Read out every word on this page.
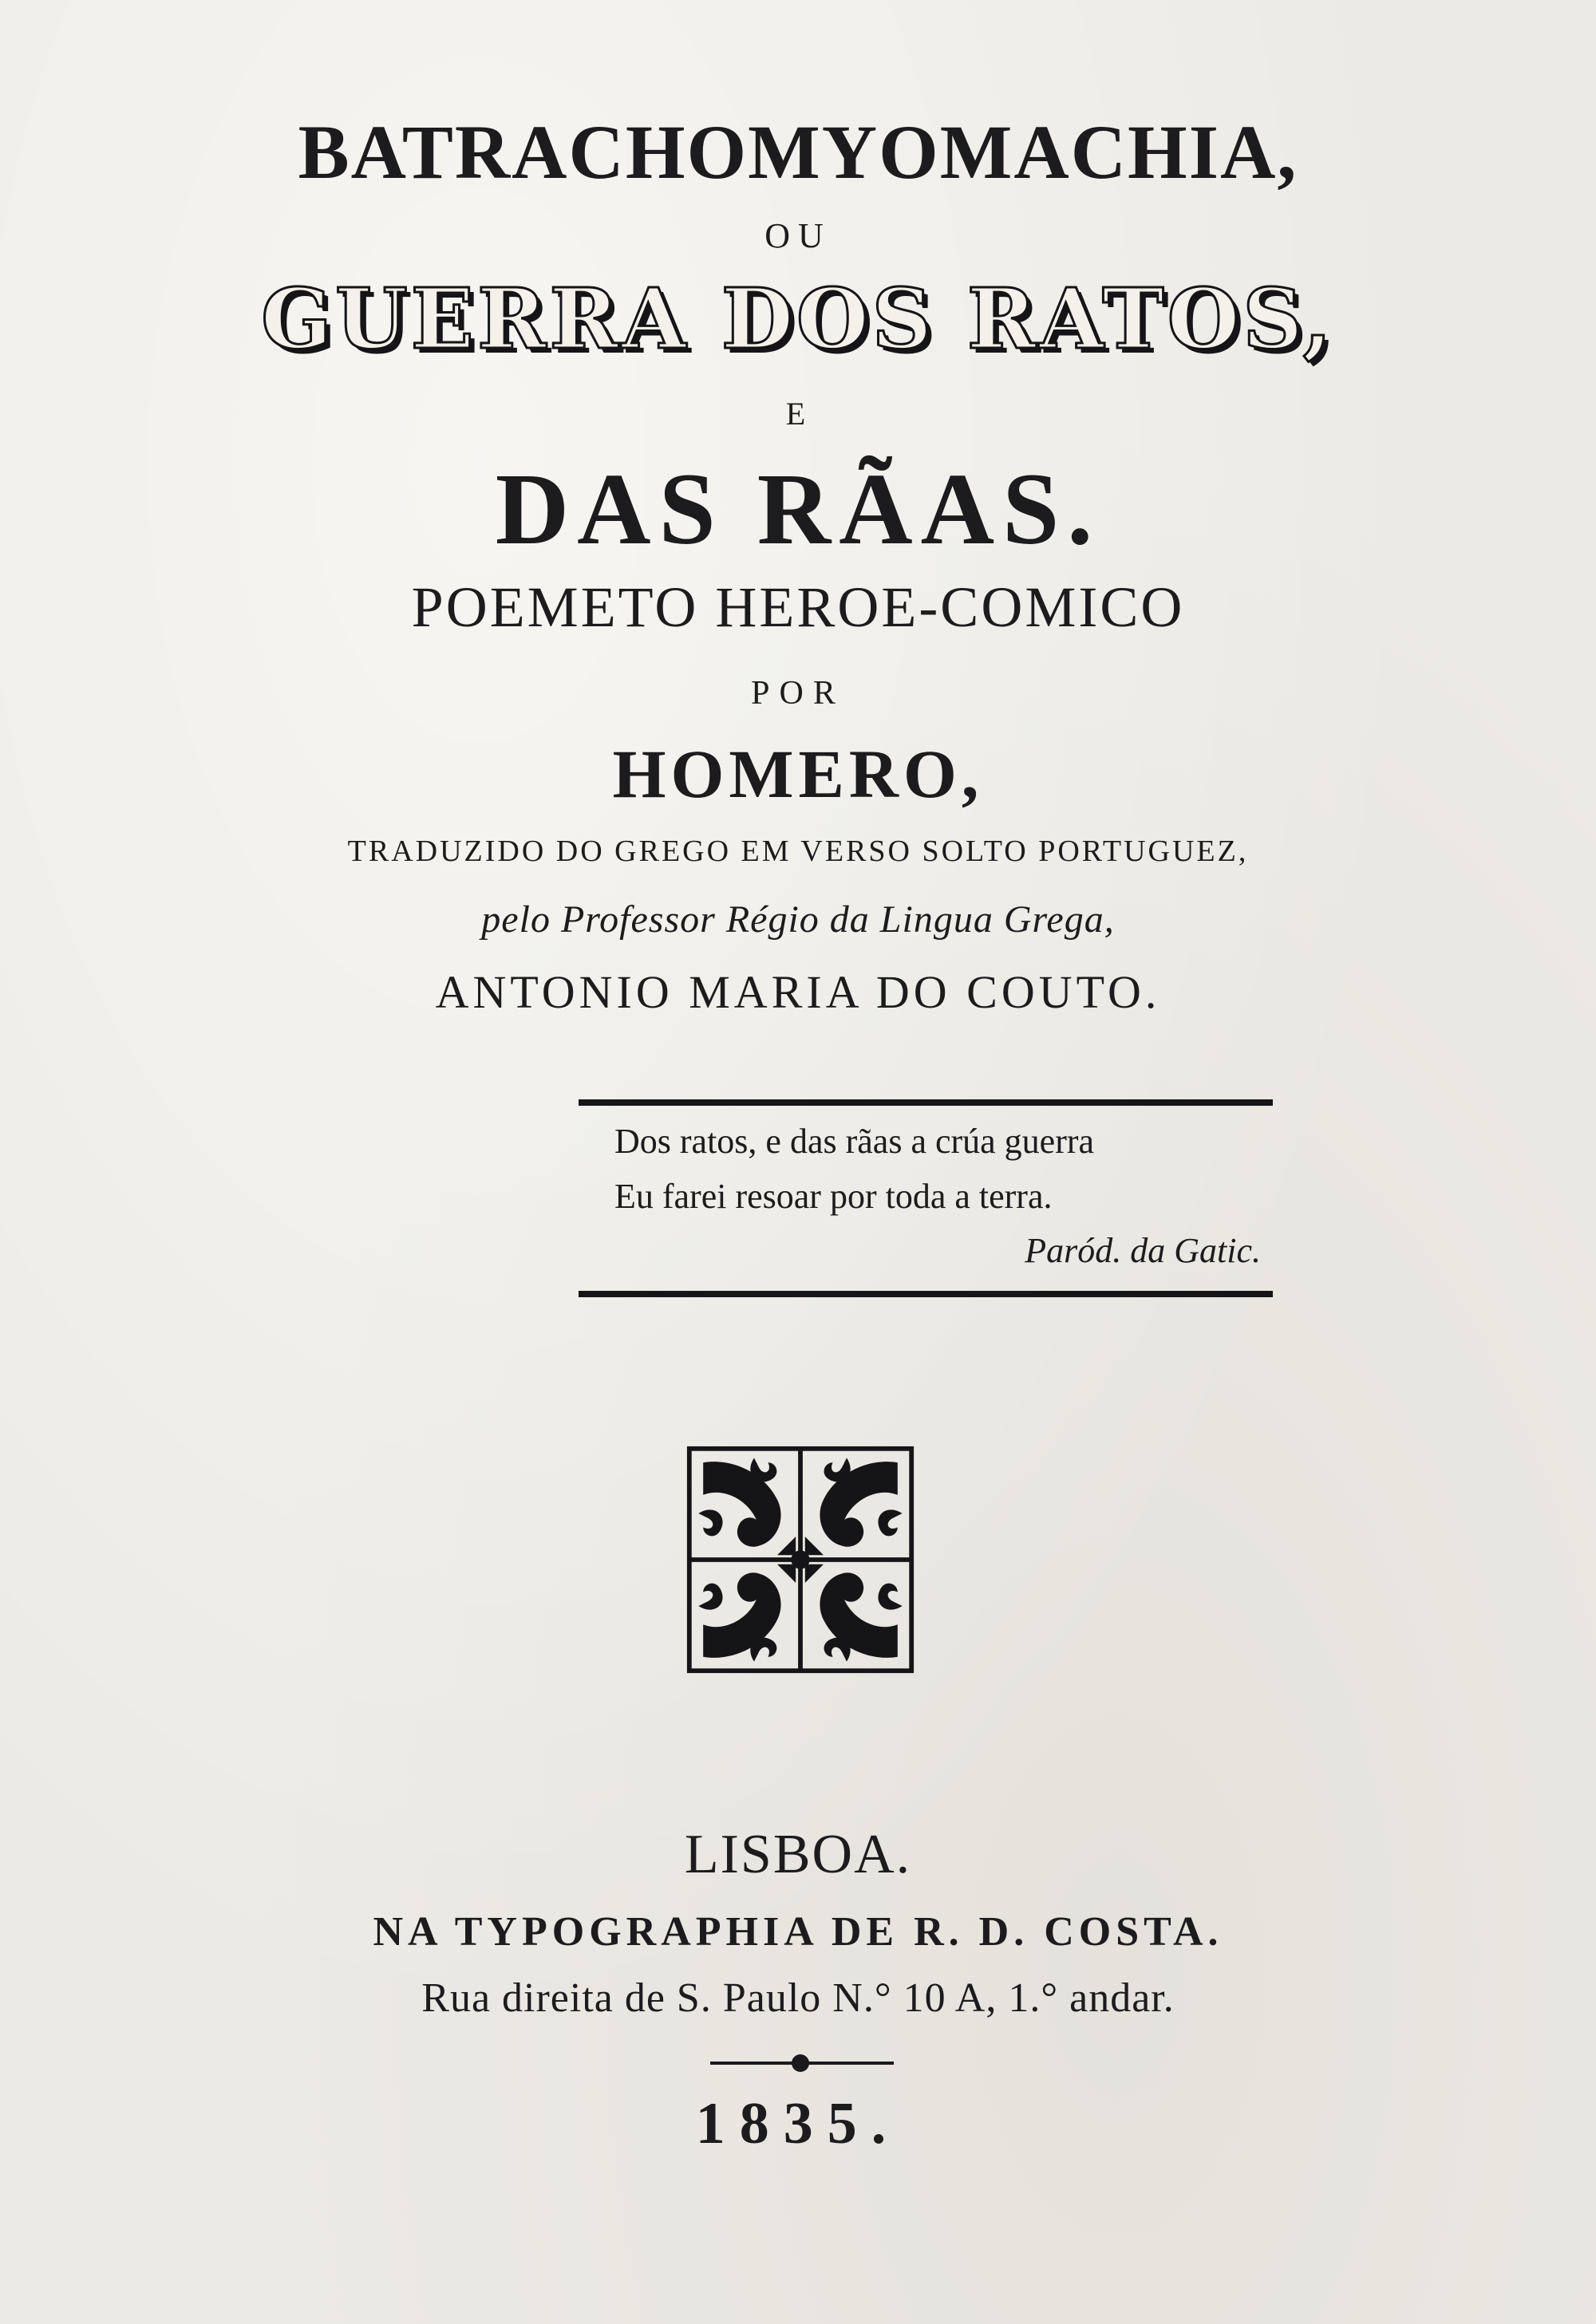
BATRACHOMYOMACHIA,
OU
GUERRA DOS RATOS,
E
DAS RÃAS.
POEMETO HEROE-COMICO
POR
HOMERO,
TRADUZIDO DO GREGO EM VERSO SOLTO PORTUGUEZ,
pelo Professor Régio da Lingua Grega,
ANTONIO MARIA DO COUTO.
Dos ratos, e das rãas a crúa guerra
Eu farei resoar por toda a terra.
Paród. da Gatic.
LISBOA.
NA TYPOGRAPHIA DE R. D. COSTA.
Rua direita de S. Paulo N.° 10 A, 1.° andar.
1835.
